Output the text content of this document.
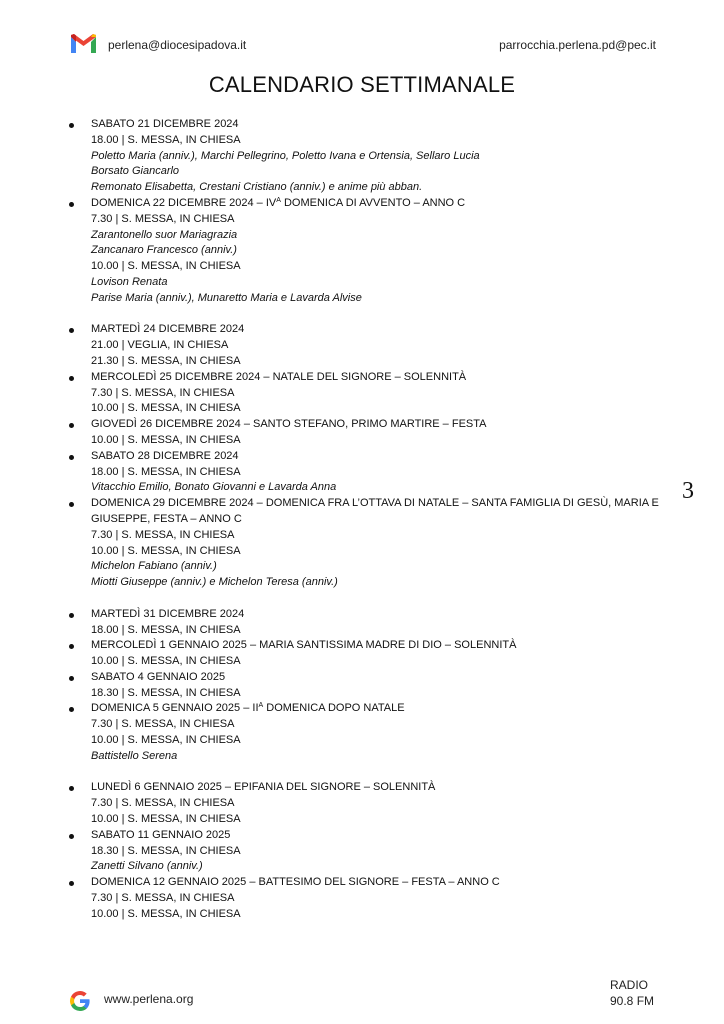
perlena@diocesipadova.it	parrocchia.perlena.pd@pec.it
CALENDARIO SETTIMANALE
3
SABATO 21 DICEMBRE 2024
18.00 | S. MESSA, IN CHIESA
Poletto Maria (anniv.), Marchi Pellegrino, Poletto Ivana e Ortensia, Sellaro Lucia
Borsato Giancarlo
Remonato Elisabetta, Crestani Cristiano (anniv.) e anime più abban.
DOMENICA 22 DICEMBRE $2024 - IV^A$ DOMENICA DI AVVENTO – ANNO C
7.30 | S. MESSA, IN CHIESA
Zarantonello suor Mariagrazia
Zancanaro Francesco (anniv.)
10.00 | S. MESSA, IN CHIESA
Lovison Renata
Parise Maria (anniv.), Munaretto Maria e Lavarda Alvise
MARTEDÌ 24 DICEMBRE 2024
21.00 | VEGLIA, IN CHIESA
21.30 | S. MESSA, IN CHIESA
MERCOLEDÌ 25 DICEMBRE 2024 – NATALE DEL SIGNORE – SOLENNITÀ
7.30 | S. MESSA, IN CHIESA
10.00 | S. MESSA, IN CHIESA
GIOVEDÌ 26 DICEMBRE 2024 – SANTO STEFANO, PRIMO MARTIRE – FESTA
10.00 | S. MESSA, IN CHIESA
SABATO 28 DICEMBRE 2024
18.00 | S. MESSA, IN CHIESA
Vitacchio Emilio, Bonato Giovanni e Lavarda Anna
DOMENICA 29 DICEMBRE 2024 – DOMENICA FRA L’OTTAVA DI NATALE – SANTA FAMIGLIA DI GESÙ, MARIA E GIUSEPPE, FESTA – ANNO C
7.30 | S. MESSA, IN CHIESA
10.00 | S. MESSA, IN CHIESA
Michelon Fabiano (anniv.)
Miotti Giuseppe (anniv.) e Michelon Teresa (anniv.)
MARTEDÌ 31 DICEMBRE 2024
18.00 | S. MESSA, IN CHIESA
MERCOLEDÌ 1 GENNAIO 2025 – MARIA SANTISSIMA MADRE DI DIO – SOLENNITÀ
10.00 | S. MESSA, IN CHIESA
SABATO 4 GENNAIO 2025
18.30 | S. MESSA, IN CHIESA
DOMENICA 5 GENNAIO $2025 - II^A$ DOMENICA DOPO NATALE
7.30 | S. MESSA, IN CHIESA
10.00 | S. MESSA, IN CHIESA
Battistello Serena
LUNEDÌ 6 GENNAIO 2025 – EPIFANIA DEL SIGNORE – SOLENNITÀ
7.30 | S. MESSA, IN CHIESA
10.00 | S. MESSA, IN CHIESA
SABATO 11 GENNAIO 2025
18.30 | S. MESSA, IN CHIESA
Zanetti Silvano (anniv.)
DOMENICA 12 GENNAIO 2025 – BATTESIMO DEL SIGNORE – FESTA – ANNO C
7.30 | S. MESSA, IN CHIESA
10.00 | S. MESSA, IN CHIESA
www.perlena.org
RADIO
90.8 FM
